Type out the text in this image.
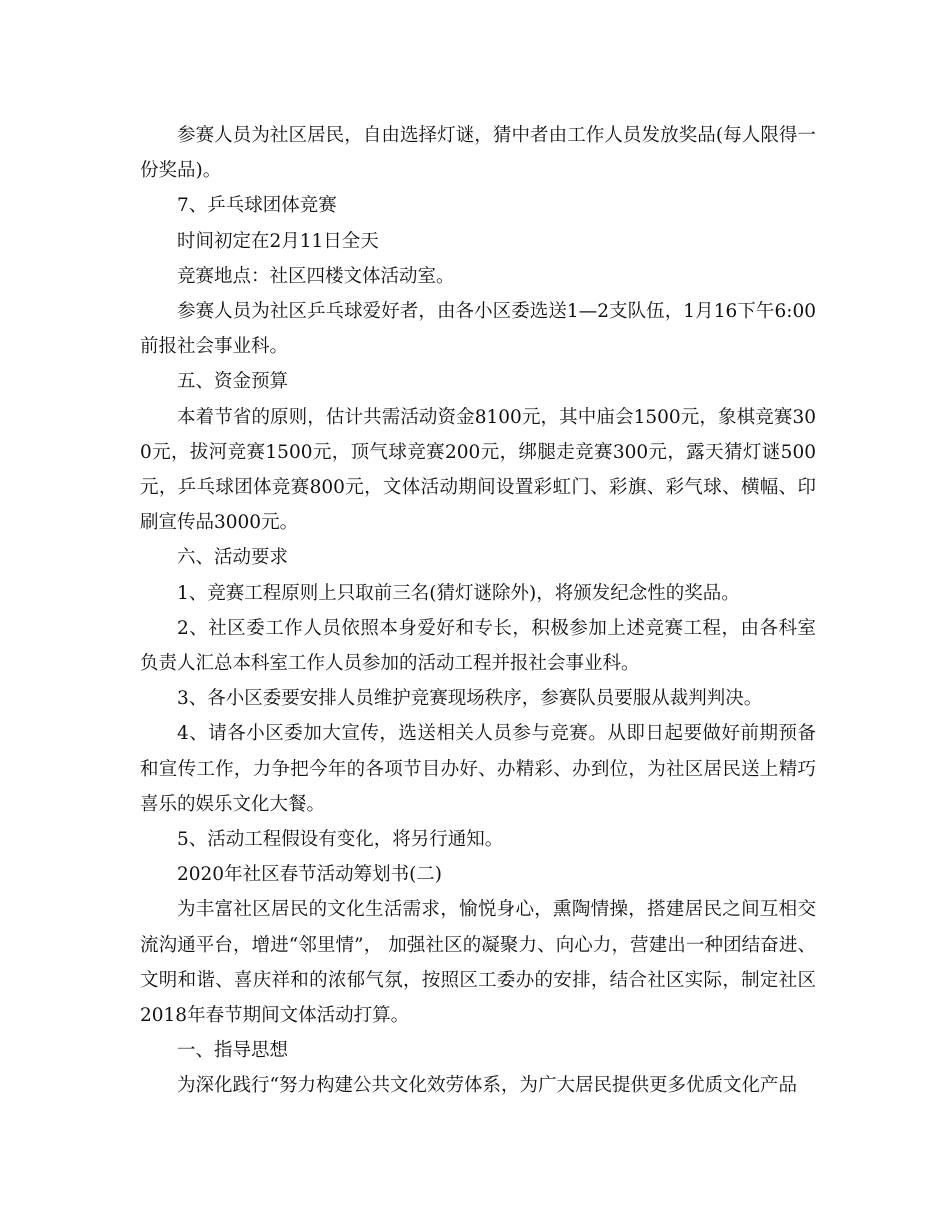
参赛人员为社区居民，自由选择灯谜，猜中者由工作人员发放奖品(每人限得一份奖品)。

7、乒乓球团体竞赛

时间初定在2月11日全天

竞赛地点：社区四楼文体活动室。

参赛人员为社区乒乓球爱好者，由各小区委选送1—2支队伍，1月16下午6:00前报社会事业科。

五、资金预算

本着节省的原则，估计共需活动资金8100元，其中庙会1500元，象棋竞赛300元，拔河竞赛1500元，顶气球竞赛200元，绑腿走竞赛300元，露天猜灯谜500元，乒乓球团体竞赛800元，文体活动期间设置彩虹门、彩旗、彩气球、横幅、印刷宣传品3000元。

六、活动要求

1、竞赛工程原则上只取前三名(猜灯谜除外)，将颁发纪念性的奖品。

2、社区委工作人员依照本身爱好和专长，积极参加上述竞赛工程，由各科室负责人汇总本科室工作人员参加的活动工程并报社会事业科。

3、各小区委要安排人员维护竞赛现场秩序，参赛队员要服从裁判判决。

4、请各小区委加大宣传，选送相关人员参与竞赛。从即日起要做好前期预备和宣传工作，力争把今年的各项节目办好、办精彩、办到位，为社区居民送上精巧喜乐的娱乐文化大餐。

5、活动工程假设有变化，将另行通知。

2020年社区春节活动筹划书(二)

为丰富社区居民的文化生活需求，愉悦身心，熏陶情操，搭建居民之间互相交流沟通平台，增进“邻里情”， 加强社区的凝聚力、向心力，营建出一种团结奋进、文明和谐、喜庆祥和的浓郁气氛，按照区工委办的安排，结合社区实际，制定社区2018年春节期间文体活动打算。

一、指导思想

为深化践行“努力构建公共文化效劳体系，为广大居民提供更多优质文化产品
